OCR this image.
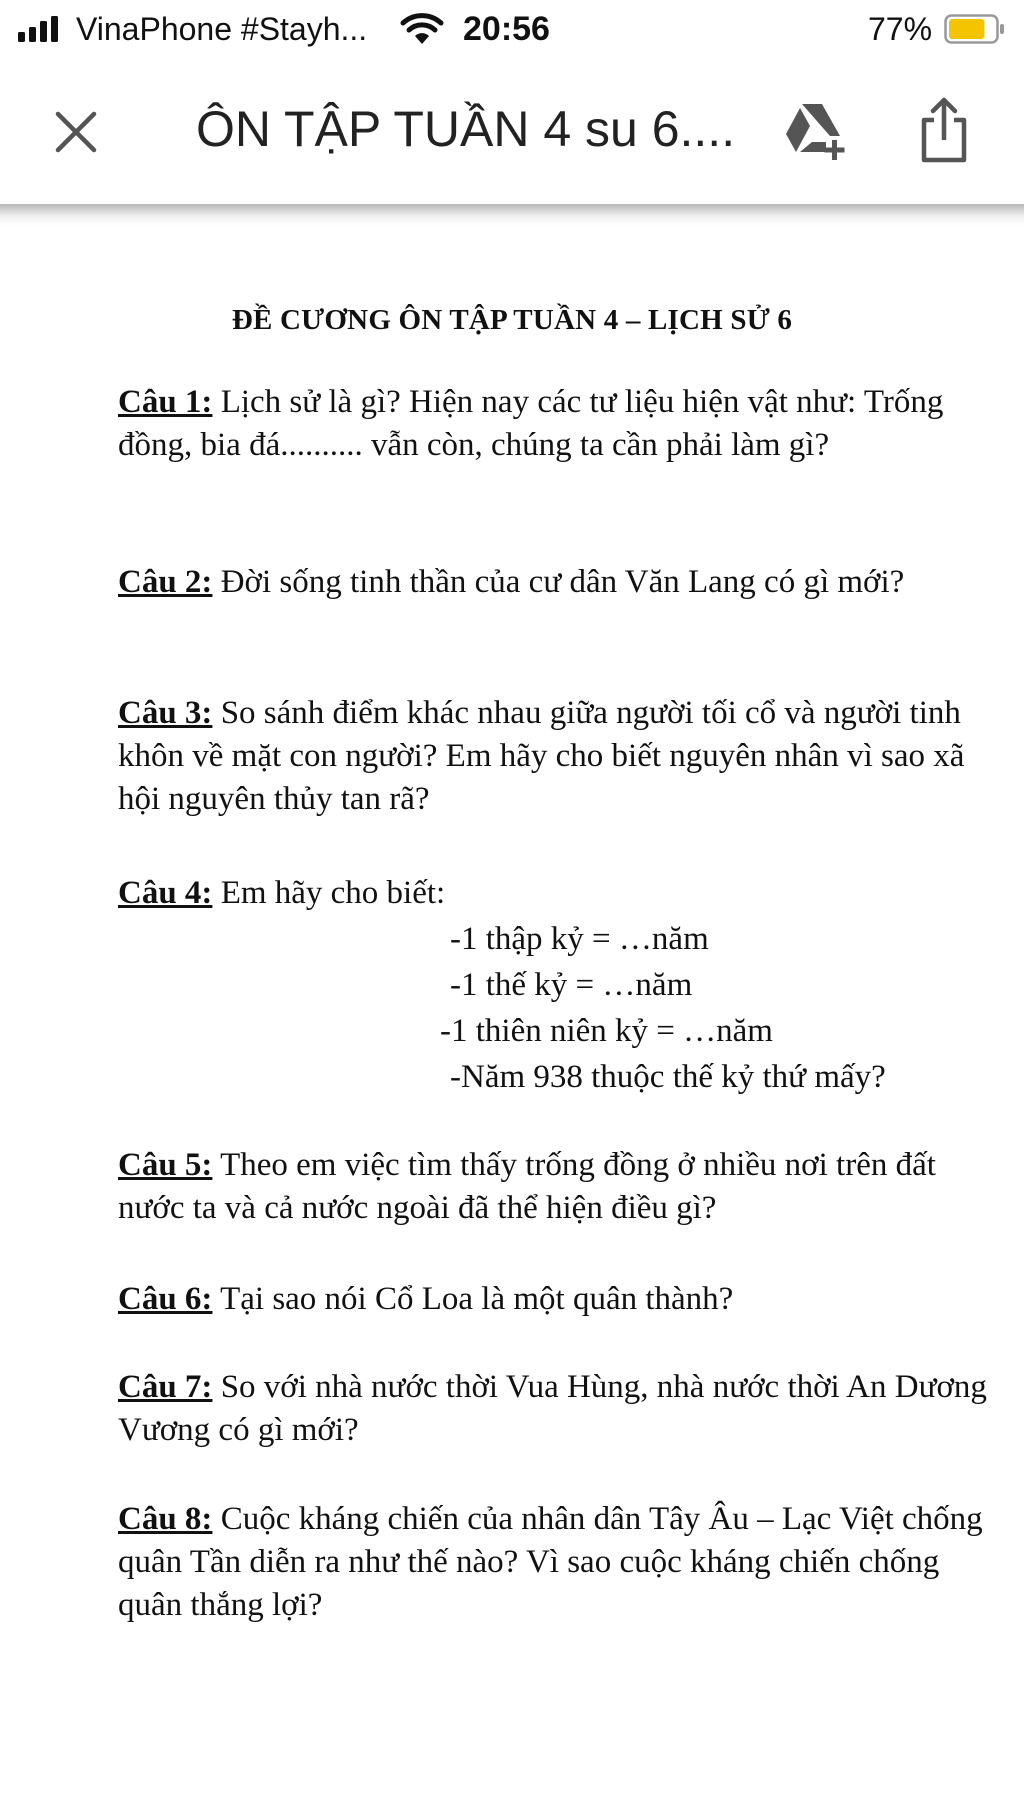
VinaPhone #Stayh...	20:56	77%
ÔN TẬP TUẦN 4 su 6....
ĐỀ CƯƠNG ÔN TẬP TUẦN 4 – LỊCH SỬ 6
Câu 1: Lịch sử là gì? Hiện nay các tư liệu hiện vật như: Trống đồng, bia đá.......... vẫn còn, chúng ta cần phải làm gì?
Câu 2: Đời sống tinh thần của cư dân Văn Lang có gì mới?
Câu 3: So sánh điểm khác nhau giữa người tối cổ và người tinh khôn về mặt con người? Em hãy cho biết nguyên nhân vì sao xã hội nguyên thủy tan rã?
Câu 4: Em hãy cho biết:
-1 thập kỷ = …năm
-1 thế kỷ = …năm
-1 thiên niên kỷ = …năm
-Năm 938 thuộc thế kỷ thứ mấy?
Câu 5: Theo em việc tìm thấy trống đồng ở nhiều nơi trên đất nước ta và cả nước ngoài đã thể hiện điều gì?
Câu 6: Tại sao nói Cổ Loa là một quân thành?
Câu 7: So với nhà nước thời Vua Hùng, nhà nước thời An Dương Vương có gì mới?
Câu 8: Cuộc kháng chiến của nhân dân Tây Âu – Lạc Việt chống quân Tần diễn ra như thế nào? Vì sao cuộc kháng chiến chống quân thắng lợi?
